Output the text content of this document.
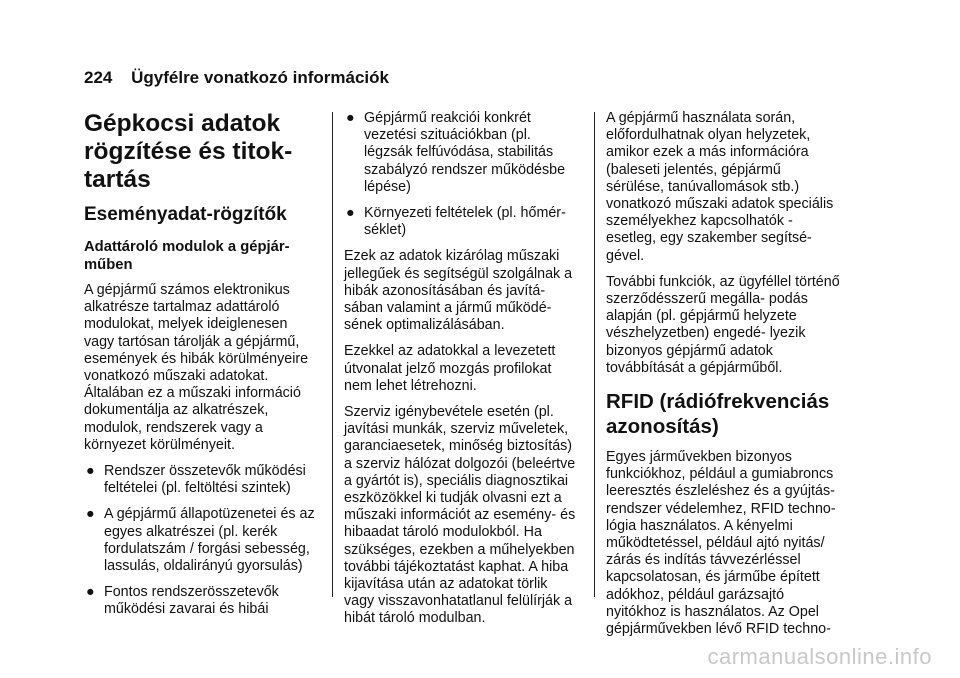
224 Ügyfélre vonatkozó információk
Gépkocsi adatok rögzítése és titok- tartás
Eseményadat-rögzítők
Adattároló modulok a gépjár- műben

A gépjármű számos elektronikus alkatrésze tartalmaz adattároló modulokat, melyek ideiglenesen vagy tartósan tárolják a gépjármű, események és hibák körülményeire vonatkozó műszaki adatokat. Általában ez a műszaki információ dokumentálja az alkatrészek, modulok, rendszerek vagy a környezet körülményeit.

● Rendszer összetevők működési feltételei (pl. feltöltési szintek)
● A gépjármű állapotüzenetei és az egyes alkatrészei (pl. kerék fordulatszám / forgási sebesség, lassulás, oldalirányú gyorsulás)
● Fontos rendszerösszetevők működési zavarai és hibái
● Gépjármű reakciói konkrét vezetési szituációkban (pl. légzsák felfúvódása, stabilitás szabályzó rendszer működésbe lépése)
● Környezeti feltételek (pl. hőmér- séklet)

Ezek az adatok kizárólag műszaki jellegűek és segítségül szolgálnak a hibák azonosításában és javítá- sában valamint a jármű működé- sének optimalizálásában.

Ezekkel az adatokkal a levezetett útvonalat jelző mozgás profilokat nem lehet létrehozni.

Szerviz igénybevétele esetén (pl. javítási munkák, szerviz műveletek, garanciaesetek, minőség biztosítás) a szerviz hálózat dolgozói (beleértve a gyártót is), speciális diagnosztikai eszközökkel ki tudják olvasni ezt a műszaki információt az esemény- és hibaadat tároló modulokból. Ha szükséges, ezekben a műhelyekben további tájékoztatást kaphat. A hiba kijavítása után az adatokat törlik vagy visszavonhatatlanul felülírják a hibát tároló modulban.

A gépjármű használata során, előfordulhatnak olyan helyzetek, amikor ezek a más információra (baleseti jelentés, gépjármű sérülése, tanúvallomások stb.) vonatkozó műszaki adatok speciális személyekhez kapcsolhatók - esetleg, egy szakember segítsé- gével.

További funkciók, az ügyféllel történő szerződésszerű megálla- podás alapján (pl. gépjármű helyzete vészhelyzetben) engedé- lyezik bizonyos gépjármű adatok továbbítását a gépjárműből.

RFID (rádiófrekvenciás azonosítás)

Egyes járművekben bizonyos funkciókhoz, például a gumiabroncs leeresztés észleléshez és a gyújtás- rendszer védelemhez, RFID techno- lógia használatos. A kényelmi működtetéssel, például ajtó nyitás/ zárás és indítás távvezérléssel kapcsolatosan, és járműbe épített adókhoz, például garázsajtó nyitókhoz is használatos. Az Opel gépjárművekben lévő RFID techno-

carmanualsonline.info
